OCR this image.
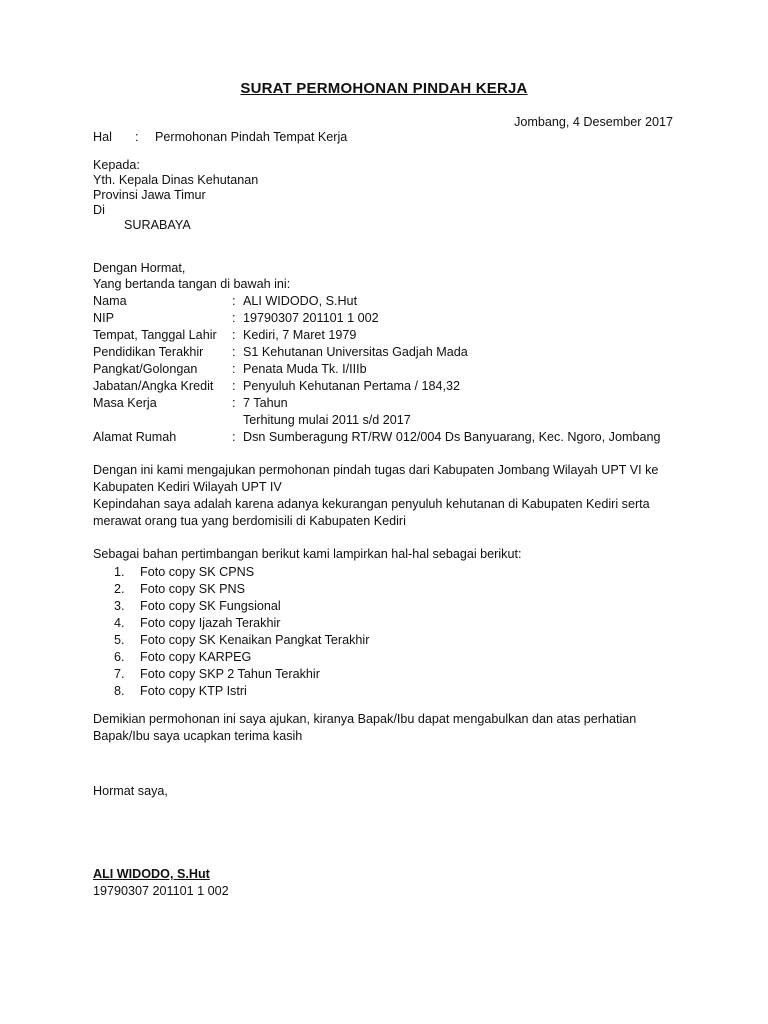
SURAT PERMOHONAN PINDAH KERJA
Jombang, 4 Desember 2017
Hal : Permohonan Pindah Tempat Kerja
Kepada:
Yth. Kepala Dinas Kehutanan
Provinsi Jawa Timur
Di
SURABAYA
Dengan Hormat,
Yang bertanda tangan di bawah ini:
Nama	: ALI WIDODO, S.Hut
NIP	: 19790307 201101 1 002
Tempat, Tanggal Lahir : Kediri, 7 Maret 1979
Pendidikan Terakhir : S1 Kehutanan Universitas Gadjah Mada
Pangkat/Golongan	: Penata Muda Tk. I/IIIb
Jabatan/Angka Kredit : Penyuluh Kehutanan Pertama / 184,32
Masa Kerja	: 7 Tahun
Terhitung mulai 2011 s/d 2017
Alamat Rumah	: Dsn Sumberagung RT/RW 012/004 Ds Banyuarang, Kec. Ngoro, Jombang
Dengan ini kami mengajukan permohonan pindah tugas dari Kabupaten Jombang Wilayah UPT VI ke Kabupaten Kediri Wilayah UPT IV
Kepindahan saya adalah karena adanya kekurangan penyuluh kehutanan di Kabupaten Kediri serta merawat orang tua yang berdomisili di Kabupaten Kediri
Sebagai bahan pertimbangan berikut kami lampirkan hal-hal sebagai berikut:
1. Foto copy SK CPNS
2. Foto copy SK PNS
3. Foto copy SK Fungsional
4. Foto copy Ijazah Terakhir
5. Foto copy SK Kenaikan Pangkat Terakhir
6. Foto copy KARPEG
7. Foto copy SKP 2 Tahun Terakhir
8. Foto copy KTP Istri
Demikian permohonan ini saya ajukan, kiranya Bapak/Ibu dapat mengabulkan dan atas perhatian Bapak/Ibu saya ucapkan terima kasih
Hormat saya,
ALI WIDODO, S.Hut
19790307 201101 1 002
